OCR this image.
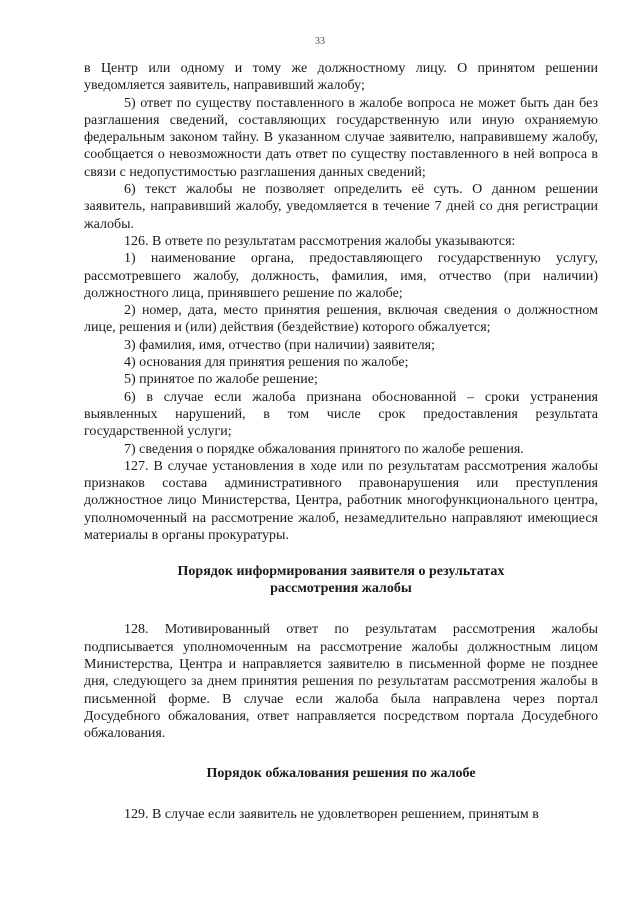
33

в Центр или одному и тому же должностному лицу. О принятом решении уведомляется заявитель, направивший жалобу;

5) ответ по существу поставленного в жалобе вопроса не может быть дан без разглашения сведений, составляющих государственную или иную охраняемую федеральным законом тайну. В указанном случае заявителю, направившему жалобу, сообщается о невозможности дать ответ по существу поставленного в ней вопроса в связи с недопустимостью разглашения данных сведений;

6) текст жалобы не позволяет определить её суть. О данном решении заявитель, направивший жалобу, уведомляется в течение 7 дней со дня регистрации жалобы.

126. В ответе по результатам рассмотрения жалобы указываются:

1) наименование органа, предоставляющего государственную услугу, рассмотревшего жалобу, должность, фамилия, имя, отчество (при наличии) должностного лица, принявшего решение по жалобе;

2) номер, дата, место принятия решения, включая сведения о должностном лице, решения и (или) действия (бездействие) которого обжалуется;

3) фамилия, имя, отчество (при наличии) заявителя;

4) основания для принятия решения по жалобе;

5) принятое по жалобе решение;

6) в случае если жалоба признана обоснованной – сроки устранения выявленных нарушений, в том числе срок предоставления результата государственной услуги;

7) сведения о порядке обжалования принятого по жалобе решения.

127. В случае установления в ходе или по результатам рассмотрения жалобы признаков состава административного правонарушения или преступления должностное лицо Министерства, Центра, работник многофункционального центра, уполномоченный на рассмотрение жалоб, незамедлительно направляют имеющиеся материалы в органы прокуратуры.

Порядок информирования заявителя о результатах

рассмотрения жалобы

128. Мотивированный ответ по результатам рассмотрения жалобы подписывается уполномоченным на рассмотрение жалобы должностным лицом Министерства, Центра и направляется заявителю в письменной форме не позднее дня, следующего за днем принятия решения по результатам рассмотрения жалобы в письменной форме. В случае если жалоба была направлена через портал Досудебного обжалования, ответ направляется посредством портала Досудебного обжалования.

Порядок обжалования решения по жалобе

129. В случае если заявитель не удовлетворен решением, принятым в
